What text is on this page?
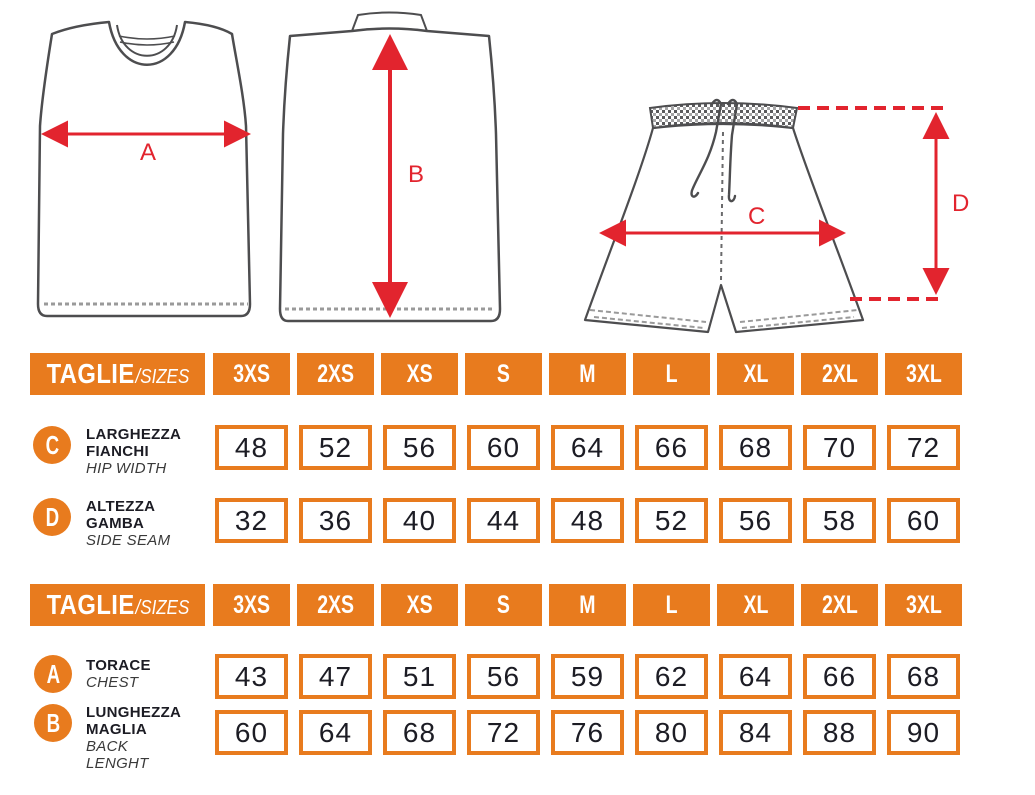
A
B
C	D
TAGLIE /SIZES 3XS 2XS XS	S	M	L	XL 2XL 3XL
C LARGHEZZA
FIANCHI
HIP WIDTH
48	52	56	60	64	66	68	70	72
D ALTEZZA
GAMBA
SIDE SEAM
32	36	40	44	48	52	56	58	60
TAGLIE /SIZES 3XS 2XS XS	S	M	L	XL 2XL 3XL
A TORACE
CHEST	43	47	51	56	59	62	64	66	68
B LUNGHEZZA
MAGLIA
BACK
LENGHT
60	64	68	72	76	80	84	88	90
